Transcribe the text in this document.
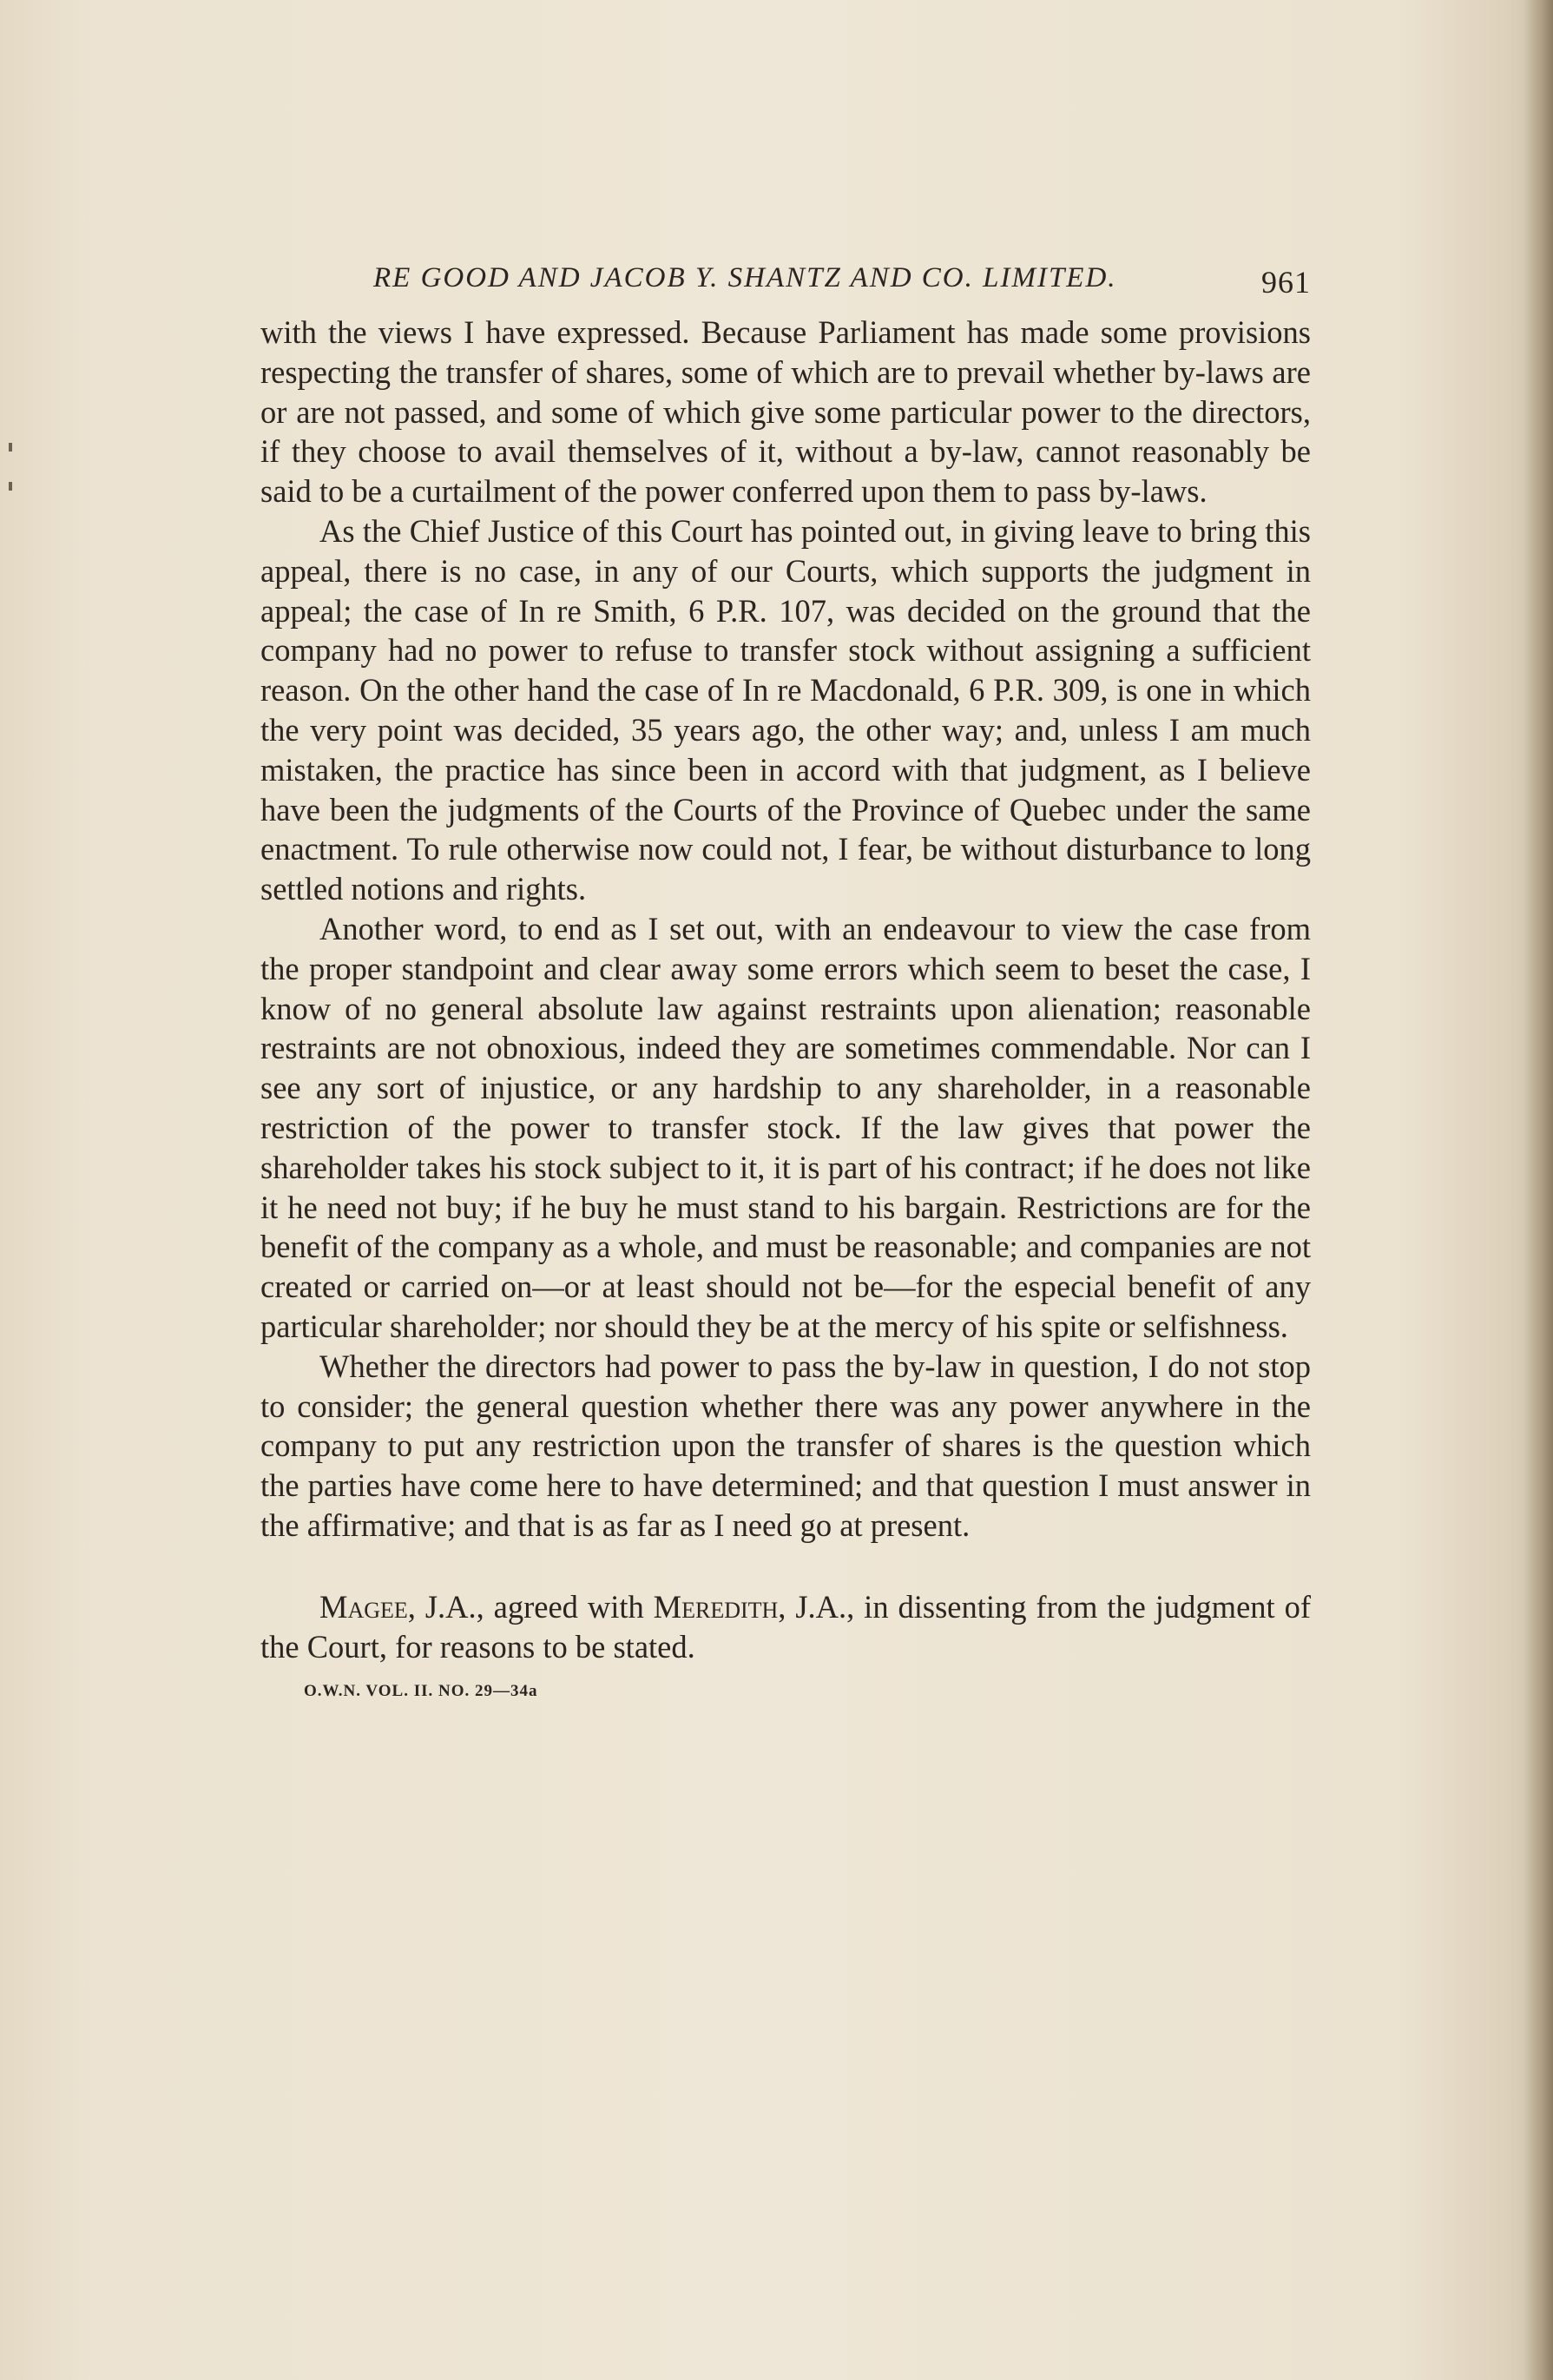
RE GOOD AND JACOB Y. SHANTZ AND CO. LIMITED.	961

with the views I have expressed. Because Parliament has made some provisions respecting the transfer of shares, some of which are to prevail whether by-laws are or are not passed, and some of which give some particular power to the directors, if they choose to avail themselves of it, without a by-law, cannot reasonably be said to be a curtailment of the power conferred upon them to pass by-laws.

As the Chief Justice of this Court has pointed out, in giving leave to bring this appeal, there is no case, in any of our Courts, which supports the judgment in appeal; the case of In re Smith, 6 P.R. 107, was decided on the ground that the company had no power to refuse to transfer stock without assigning a sufficient reason. On the other hand the case of In re Macdonald, 6 P.R. 309, is one in which the very point was decided, 35 years ago, the other way; and, unless I am much mistaken, the practice has since been in accord with that judgment, as I believe have been the judgments of the Courts of the Province of Quebec under the same enactment. To rule otherwise now could not, I fear, be without disturbance to long settled notions and rights.

Another word, to end as I set out, with an endeavour to view the case from the proper standpoint and clear away some errors which seem to beset the case, I know of no general absolute law against restraints upon alienation; reasonable restraints are not obnoxious, indeed they are sometimes commendable. Nor can I see any sort of injustice, or any hardship to any shareholder, in a reasonable restriction of the power to transfer stock. If the law gives that power the shareholder takes his stock subject to it, it is part of his contract; if he does not like it he need not buy; if he buy he must stand to his bargain. Restrictions are for the benefit of the company as a whole, and must be reasonable; and companies are not created or carried on—or at least should not be—for the especial benefit of any particular shareholder; nor should they be at the mercy of his spite or selfishness.

Whether the directors had power to pass the by-law in question, I do not stop to consider; the general question whether there was any power anywhere in the company to put any restriction upon the transfer of shares is the question which the parties have come here to have determined; and that question I must answer in the affirmative; and that is as far as I need go at present.

Magee, J.A., agreed with Meredith, J.A., in dissenting from the judgment of the Court, for reasons to be stated.

O.W.N. VOL. II. NO. 29—34a
